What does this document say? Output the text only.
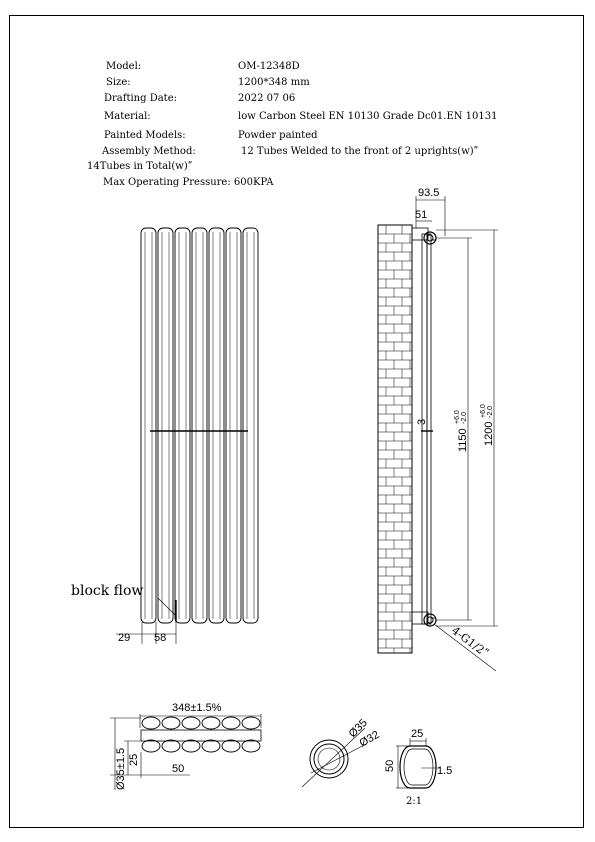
Model:	OM-12348D
Size:	1200*348 mm
Drafting Date:	2022 07 06
Material:	low Carbon Steel EN 10130 Grade Dc01.EN 10131
Painted Models:	Powder painted
Assembly Method:	12 Tubes Welded to the front of 2 uprights(w)ʺ
14Tubes in Total(w)ʺ
Max Operating Pressure: 600KPA
block flow
29 58
93.5
51
3
1150
+6.0 -2.0
1200
+6.0 -2.0
4-G1/2ʺ
348±1.5%
Ø35±1.5 25
50
Ø35
Ø32	25
50	1.5
2:1
